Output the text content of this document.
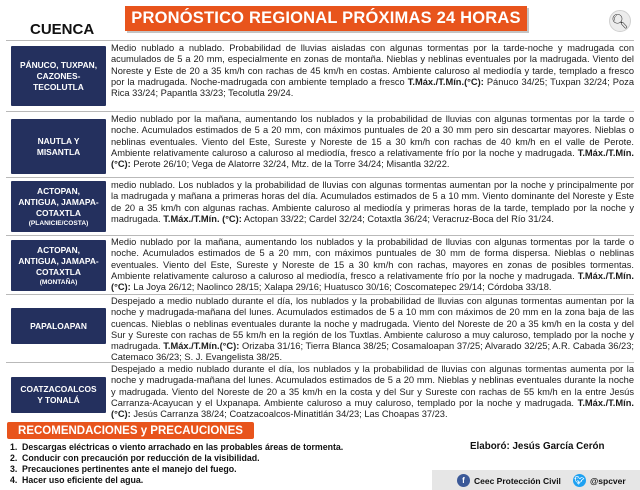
PRONÓSTICO REGIONAL PRÓXIMAS 24 HORAS	🔍︎
CUENCA
PÁNUCO, TUXPAN,
CAZONES-
TECOLUTLA
Medio nublado a nublado. Probabilidad de lluvias aisladas con algunas tormentas por la tarde-noche y madrugada con acumulados de 5 a 20 mm, especialmente en zonas de montaña. Nieblas y neblinas eventuales por la madrugada. Viento del Noreste y Este de 20 a 35 km/h con rachas de 45 km/h en costas. Ambiente caluroso al mediodía y tarde, templado a fresco por la madrugada. Noche-madrugada con ambiente templado a fresco T.Máx./T.Mín.(°C): Pánuco 34/25; Tuxpan 32/24; Poza Rica 33/24; Papantla 33/23; Tecolutla 29/24.
NAUTLA Y
MISANTLA
Medio nublado por la mañana, aumentando los nublados y la probabilidad de lluvias con algunas tormentas por la tarde o noche. Acumulados estimados de 5 a 20 mm, con máximos puntuales de 20 a 30 mm pero sin descartar mayores. Nieblas o neblinas eventuales. Viento del Este, Sureste y Noreste de 15 a 30 km/h con rachas de 40 km/h en el valle de Perote. Ambiente relativamente caluroso a caluroso al mediodía, fresco a relativamente frío por la noche y madrugada. T.Máx./T.Mín. (°C): Perote 26/10; Vega de Alatorre 32/24, Mtz. de la Torre 34/24; Misantla 32/22.
ACTOPAN,
ANTIGUA, JAMAPA-
COTAXTLA
(PLANICIE/COSTA)
medio nublado. Los nublados y la probabilidad de lluvias con algunas tormentas aumentan por la noche y principalmente por la madrugada y mañana a primeras horas del día. Acumulados estimados de 5 a 10 mm. Viento dominante del Noreste y Este de 20 a 35 km/h con algunas rachas. Ambiente caluroso al mediodía y primeras horas de la tarde, templado por la noche y madrugada. T.Máx./T.Mín. (°C): Actopan 33/22; Cardel 32/24; Cotaxtla 36/24; Veracruz-Boca del Río 31/24.
ACTOPAN,
ANTIGUA, JAMAPA-
COTAXTLA
(MONTAÑA)
Medio nublado por la mañana, aumentando los nublados y la probabilidad de lluvias con algunas tormentas por la tarde o noche. Acumulados estimados de 5 a 20 mm, con máximos puntuales de 30 mm de forma dispersa. Nieblas o neblinas eventuales. Viento del Este, Sureste y Noreste de 15 a 30 km/h con rachas, mayores en zonas de posibles tormentas. Ambiente relativamente caluroso a caluroso al mediodía, fresco a relativamente frío por la noche y madrugada. T.Máx./T.Mín. (°C): La Joya 26/12; Naolinco 28/15; Xalapa 29/16; Huatusco 30/16; Coscomatepec 29/14; Córdoba 33/18.
PAPALOAPAN
Despejado a medio nublado durante el día, los nublados y la probabilidad de lluvias con algunas tormentas aumentan por la noche y madrugada-mañana del lunes. Acumulados estimados de 5 a 10 mm con máximos de 20 mm en la zona baja de las cuencas. Nieblas o neblinas eventuales durante la noche y madrugada. Viento del Noreste de 20 a 35 km/h en la costa y del Sur y Sureste con rachas de 55 km/h en la región de los Tuxtlas. Ambiente caluroso a muy caluroso, templado por la noche y madrugada. T.Máx./T.Mín.(°C): Orizaba 31/16; Tierra Blanca 38/25; Cosamaloapan 37/25; Alvarado 32/25; A.R. Cabada 36/23; Catemaco 36/23; S. J. Evangelista 38/25.
COATZACOALCOS
Y TONALÁ
Despejado a medio nublado durante el día, los nublados y la probabilidad de lluvias con algunas tormentas aumenta por la noche y madrugada-mañana del lunes. Acumulados estimados de 5 a 20 mm. Nieblas y neblinas eventuales durante la noche y madrugada. Viento del Noreste de 20 a 35 km/h en la costa y del Sur y Sureste con rachas de 55 km/h en la entre Jesús Carranza-Acayucan y el Uxpanapa. Ambiente caluroso a muy caluroso, templado por la noche y madrugada. T.Máx./T.Mín. (°C): Jesús Carranza 38/24; Coatzacoalcos-Minatitlán 34/23; Las Choapas 37/23.
RECOMENDACIONES y PRECAUCIONES
1. Descargas eléctricas o viento arrachado en las probables áreas de tormenta.
2. Conducir con precaución por reducción de la visibilidad.
3. Precauciones pertinentes ante el manejo del fuego.
4. Hacer uso eficiente del agua.
Elaboró: Jesús García Cerón
f	Ceec Protección Civil 🐦︎ @spcver
